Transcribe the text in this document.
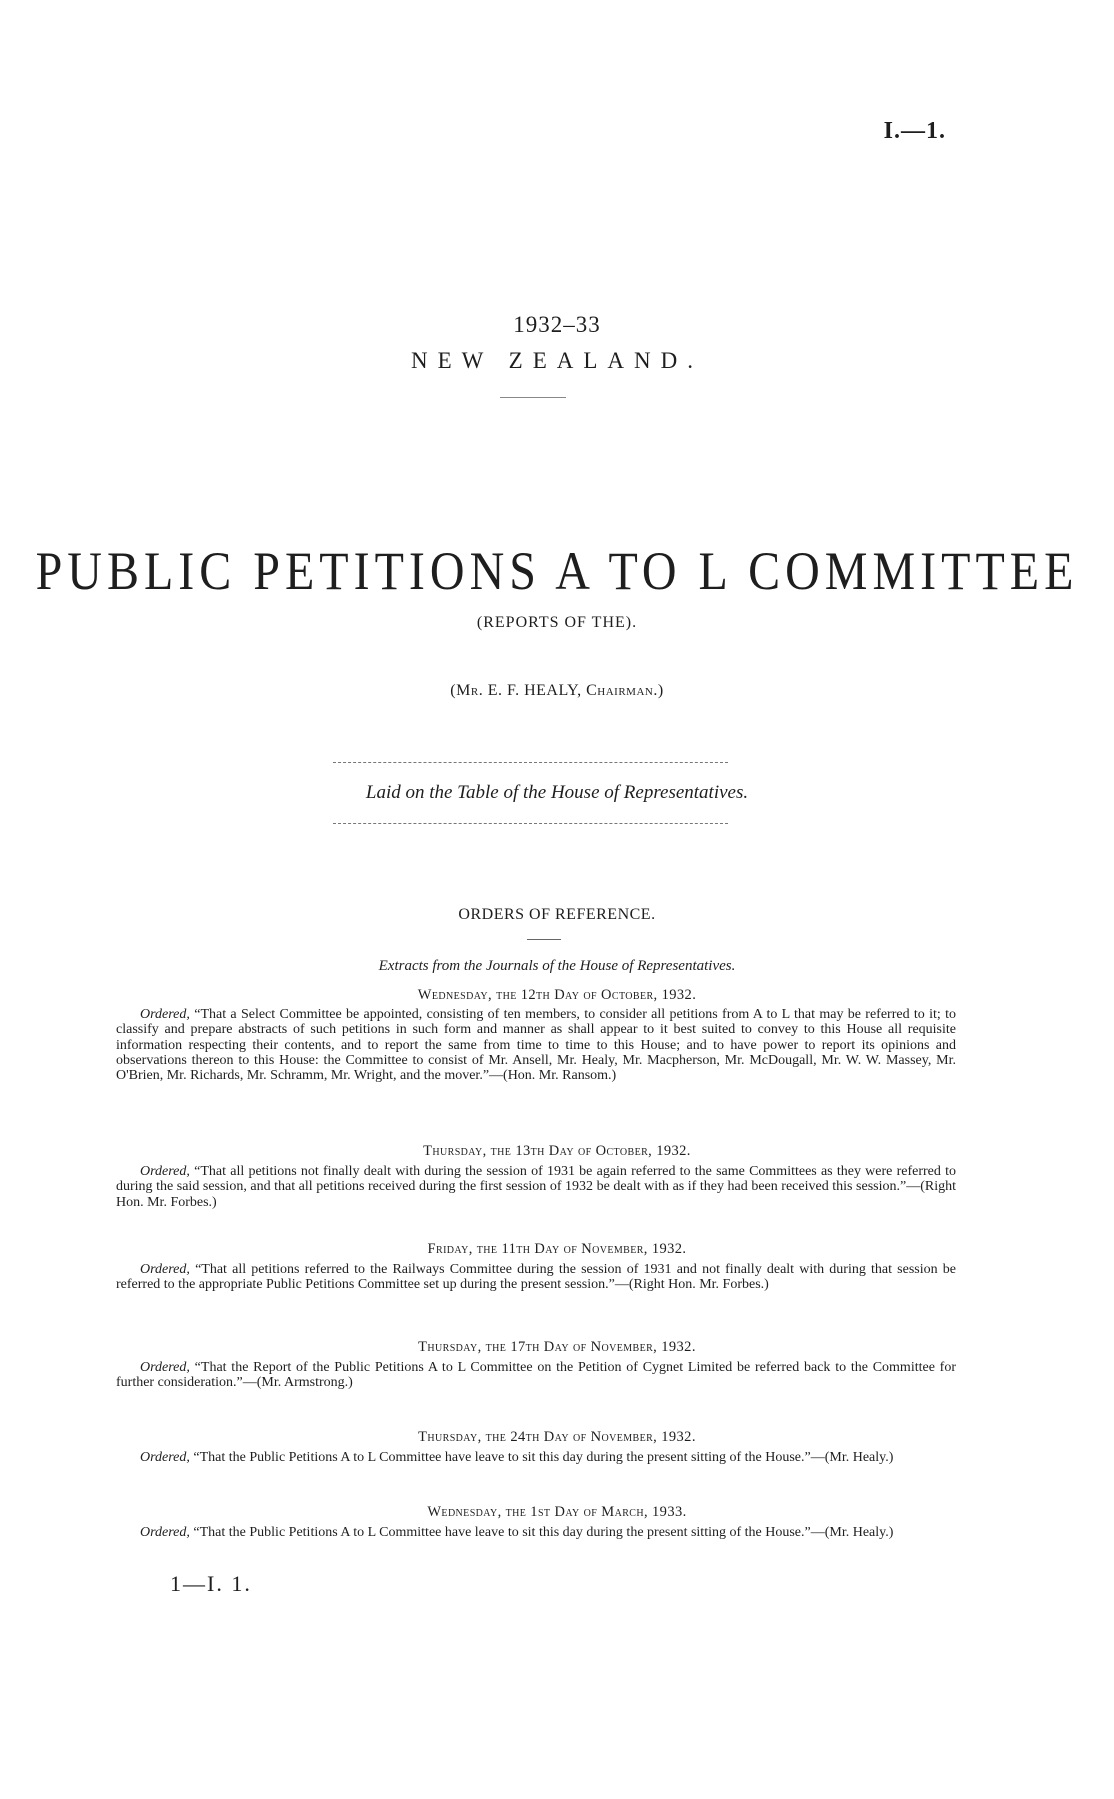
I.—1.
1932–33
NEW ZEALAND.
PUBLIC PETITIONS A TO L COMMITTEE
(REPORTS OF THE).
(Mr. E. F. HEALY, Chairman.)
Laid on the Table of the House of Representatives.
ORDERS OF REFERENCE.
Extracts from the Journals of the House of Representatives.
Wednesday, the 12th Day of October, 1932.
Ordered, “That a Select Committee be appointed, consisting of ten members, to consider all petitions from A to L that may be referred to it; to classify and prepare abstracts of such petitions in such form and manner as shall appear to it best suited to convey to this House all requisite information respecting their contents, and to report the same from time to time to this House; and to have power to report its opinions and observations thereon to this House: the Committee to consist of Mr. Ansell, Mr. Healy, Mr. Macpherson, Mr. McDougall, Mr. W. W. Massey, Mr. O'Brien, Mr. Richards, Mr. Schramm, Mr. Wright, and the mover.”—(Hon. Mr. Ransom.)
Thursday, the 13th Day of October, 1932.
Ordered, “That all petitions not finally dealt with during the session of 1931 be again referred to the same Committees as they were referred to during the said session, and that all petitions received during the first session of 1932 be dealt with as if they had been received this session.”—(Right Hon. Mr. Forbes.)
Friday, the 11th Day of November, 1932.
Ordered, “That all petitions referred to the Railways Committee during the session of 1931 and not finally dealt with during that session be referred to the appropriate Public Petitions Committee set up during the present session.”—(Right Hon. Mr. Forbes.)
Thursday, the 17th Day of November, 1932.
Ordered, “That the Report of the Public Petitions A to L Committee on the Petition of Cygnet Limited be referred back to the Committee for further consideration.”—(Mr. Armstrong.)
Thursday, the 24th Day of November, 1932.
Ordered, “That the Public Petitions A to L Committee have leave to sit this day during the present sitting of the House.”—(Mr. Healy.)
Wednesday, the 1st Day of March, 1933.
Ordered, “That the Public Petitions A to L Committee have leave to sit this day during the present sitting of the House.”—(Mr. Healy.)
1—I. 1.
